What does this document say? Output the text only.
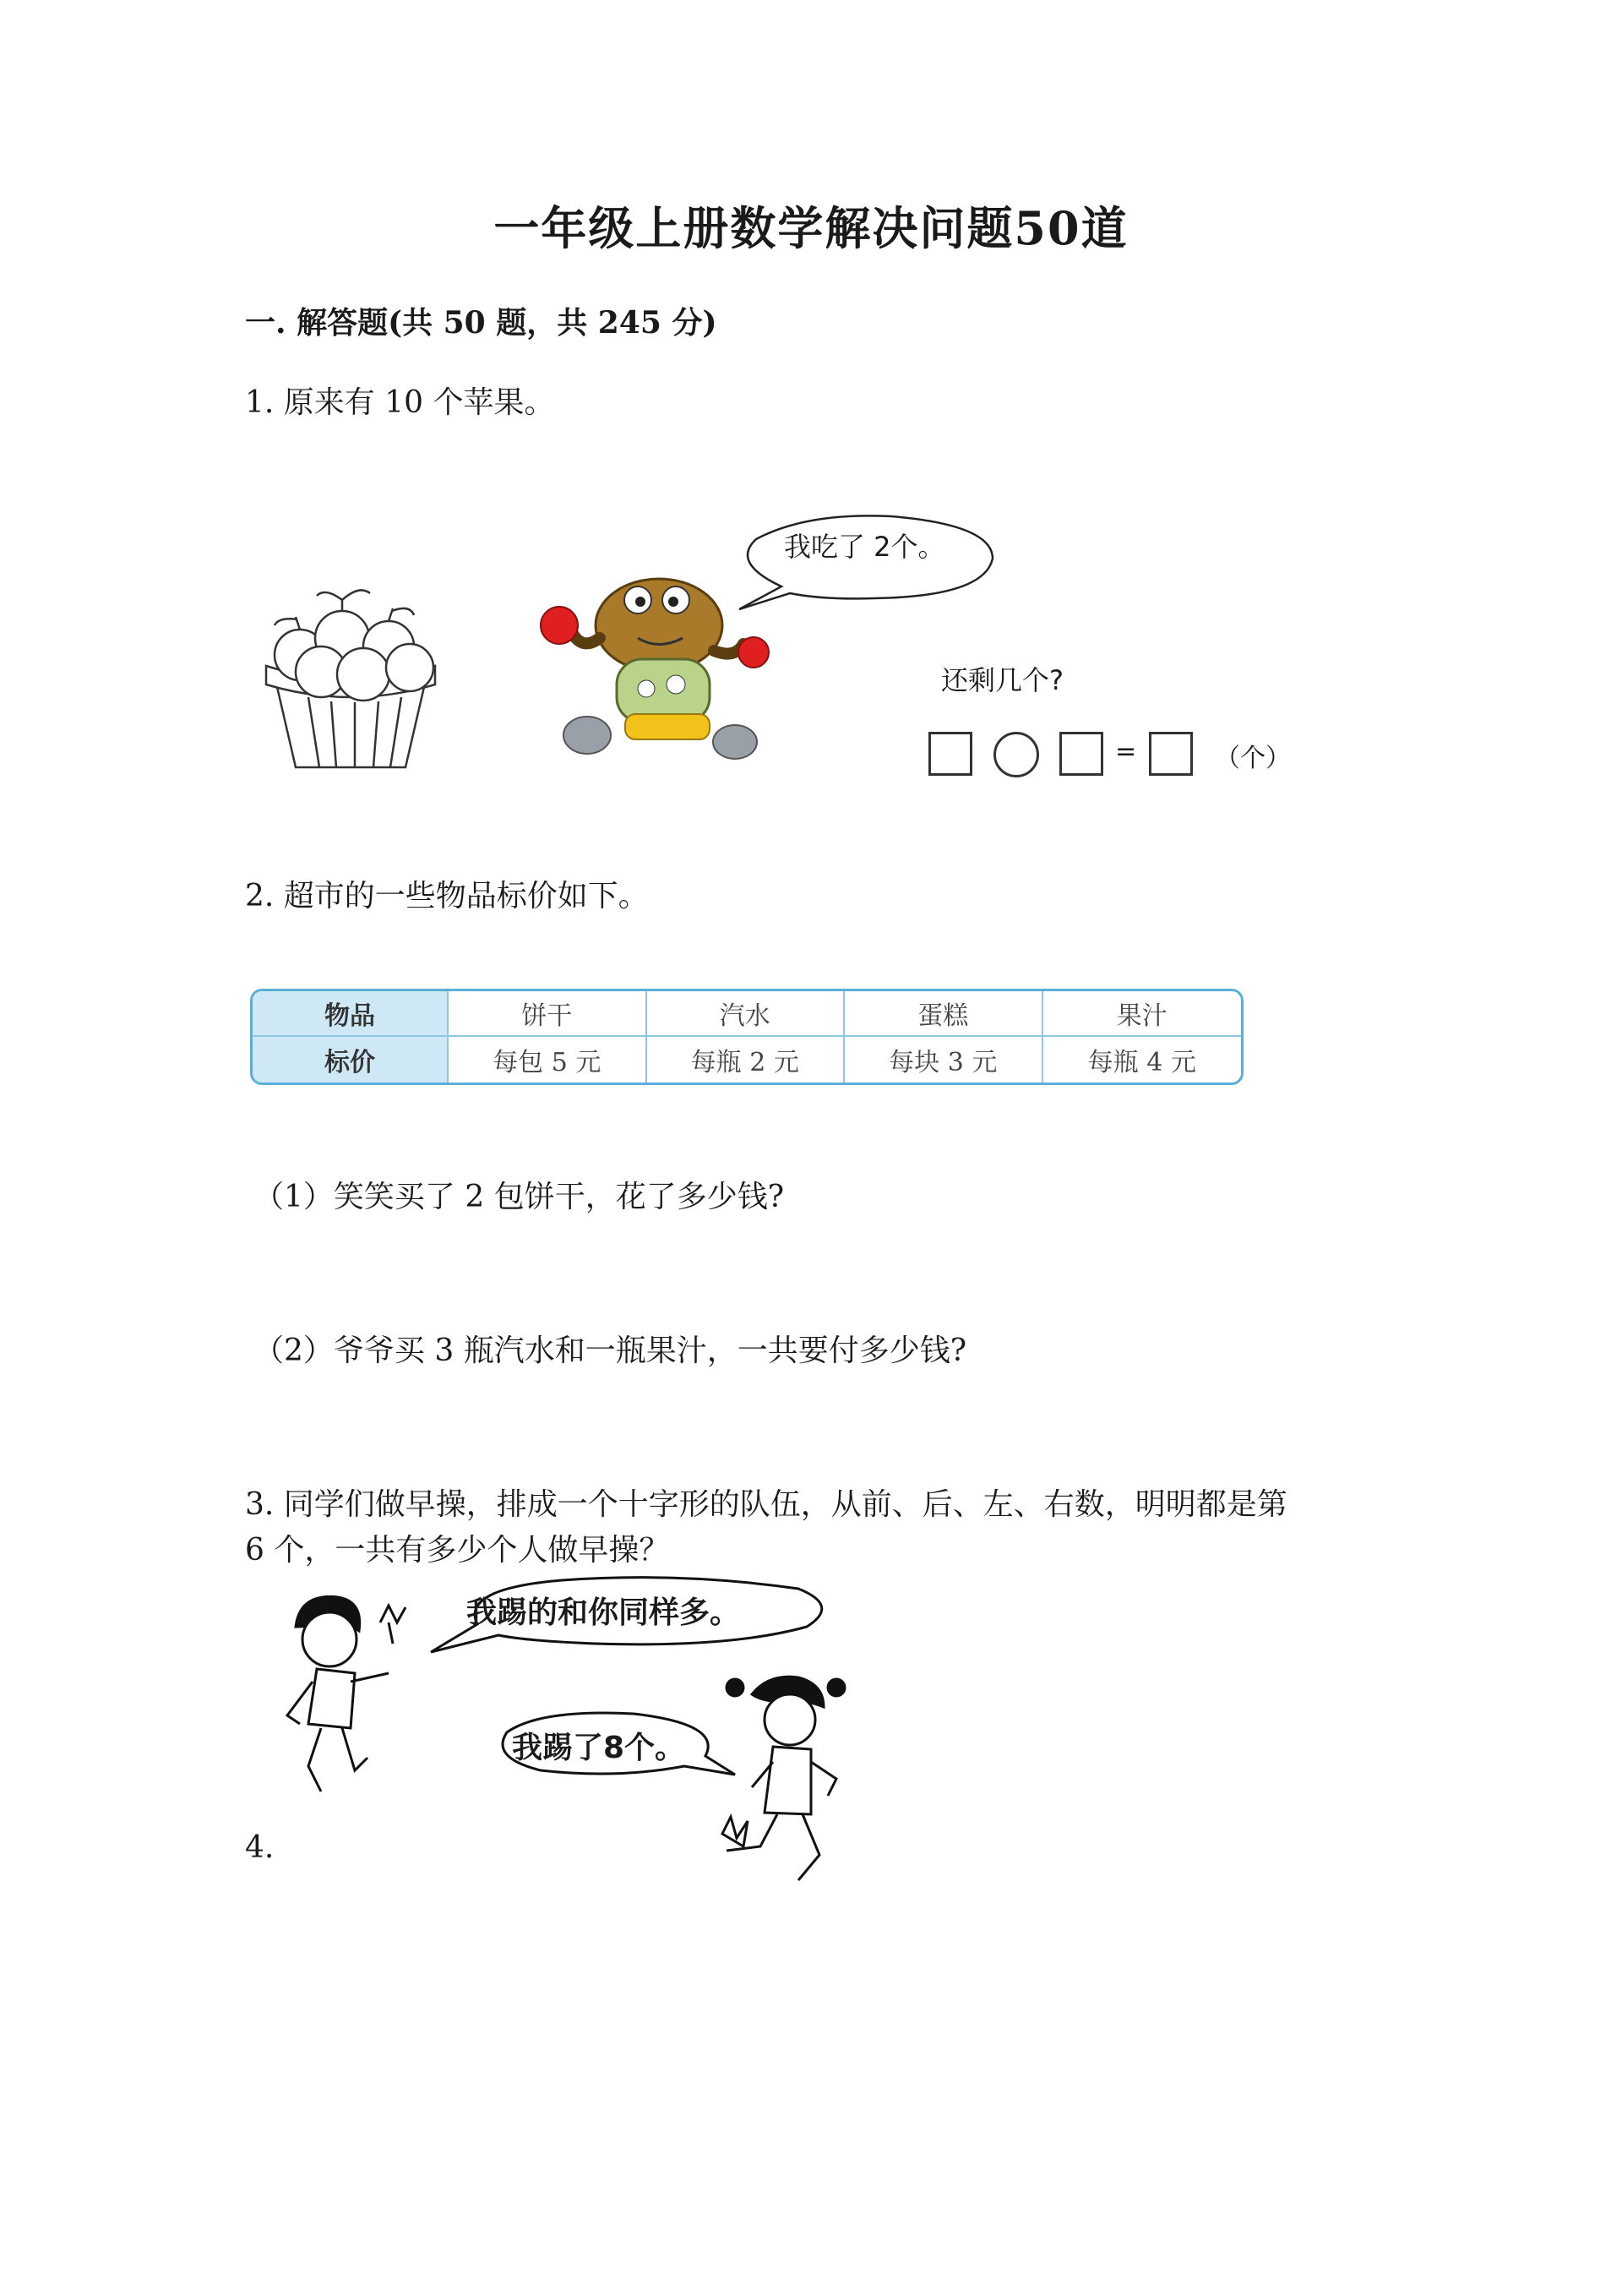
一年级上册数学解决问题50道
一. 解答题(共 50 题，共 245 分)
1. 原来有 10 个苹果。
我吃了 2个。
还剩几个?
=	（个）
2. 超市的一些物品标价如下。
物品	饼干	汽水	蛋糕	果汁
标价	每包 5 元	每瓶 2 元	每块 3 元	每瓶 4 元
（1）笑笑买了 2 包饼干，花了多少钱?
（2）爷爷买 3 瓶汽水和一瓶果汁，一共要付多少钱?
3. 同学们做早操，排成一个十字形的队伍，从前、后、左、右数，明明都是第
6 个，一共有多少个人做早操？
我踢的和你同样多。
我踢了8个。
4.
